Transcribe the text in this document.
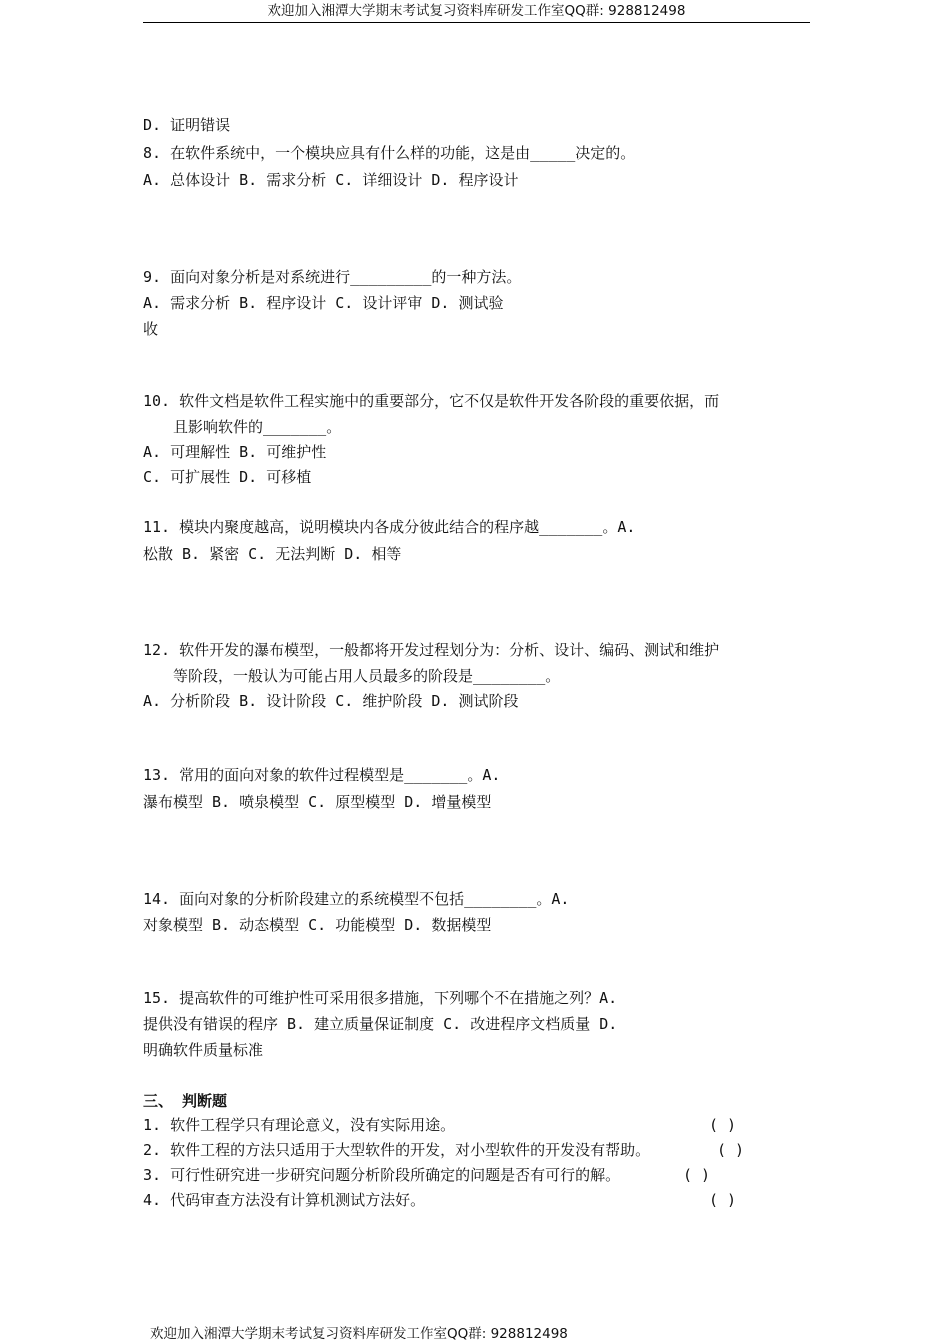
欢迎加入湘潭大学期末考试复习资料库研发工作室QQ群: 928812498
D. 证明错误
8. 在软件系统中，一个模块应具有什么样的功能，这是由_____决定的。
A. 总体设计 B. 需求分析 C. 详细设计 D. 程序设计
9. 面向对象分析是对系统进行_________的一种方法。
A. 需求分析 B. 程序设计 C. 设计评审 D. 测试验
收
10. 软件文档是软件工程实施中的重要部分，它不仅是软件开发各阶段的重要依据，而
且影响软件的_______。
A. 可理解性 B. 可维护性
C. 可扩展性 D. 可移植
11. 模块内聚度越高，说明模块内各成分彼此结合的程序越_______。A.
松散 B. 紧密 C. 无法判断 D. 相等
12. 软件开发的瀑布模型，一般都将开发过程划分为：分析、设计、编码、测试和维护
等阶段，一般认为可能占用人员最多的阶段是________。
A. 分析阶段 B. 设计阶段 C. 维护阶段 D. 测试阶段
13. 常用的面向对象的软件过程模型是_______。A.
瀑布模型 B. 喷泉模型 C. 原型模型 D. 增量模型
14. 面向对象的分析阶段建立的系统模型不包括________。A.
对象模型 B. 动态模型 C. 功能模型 D. 数据模型
15. 提高软件的可维护性可采用很多措施，下列哪个不在措施之列？A.
提供没有错误的程序 B. 建立质量保证制度 C. 改进程序文档质量 D.
明确软件质量标准
三、 判断题
1. 软件工程学只有理论意义，没有实际用途。	( )
2. 软件工程的方法只适用于大型软件的开发，对小型软件的开发没有帮助。	( )
3. 可行性研究进一步研究问题分析阶段所确定的问题是否有可行的解。	( )
4. 代码审查方法没有计算机测试方法好。	( )
欢迎加入湘潭大学期末考试复习资料库研发工作室QQ群: 928812498
